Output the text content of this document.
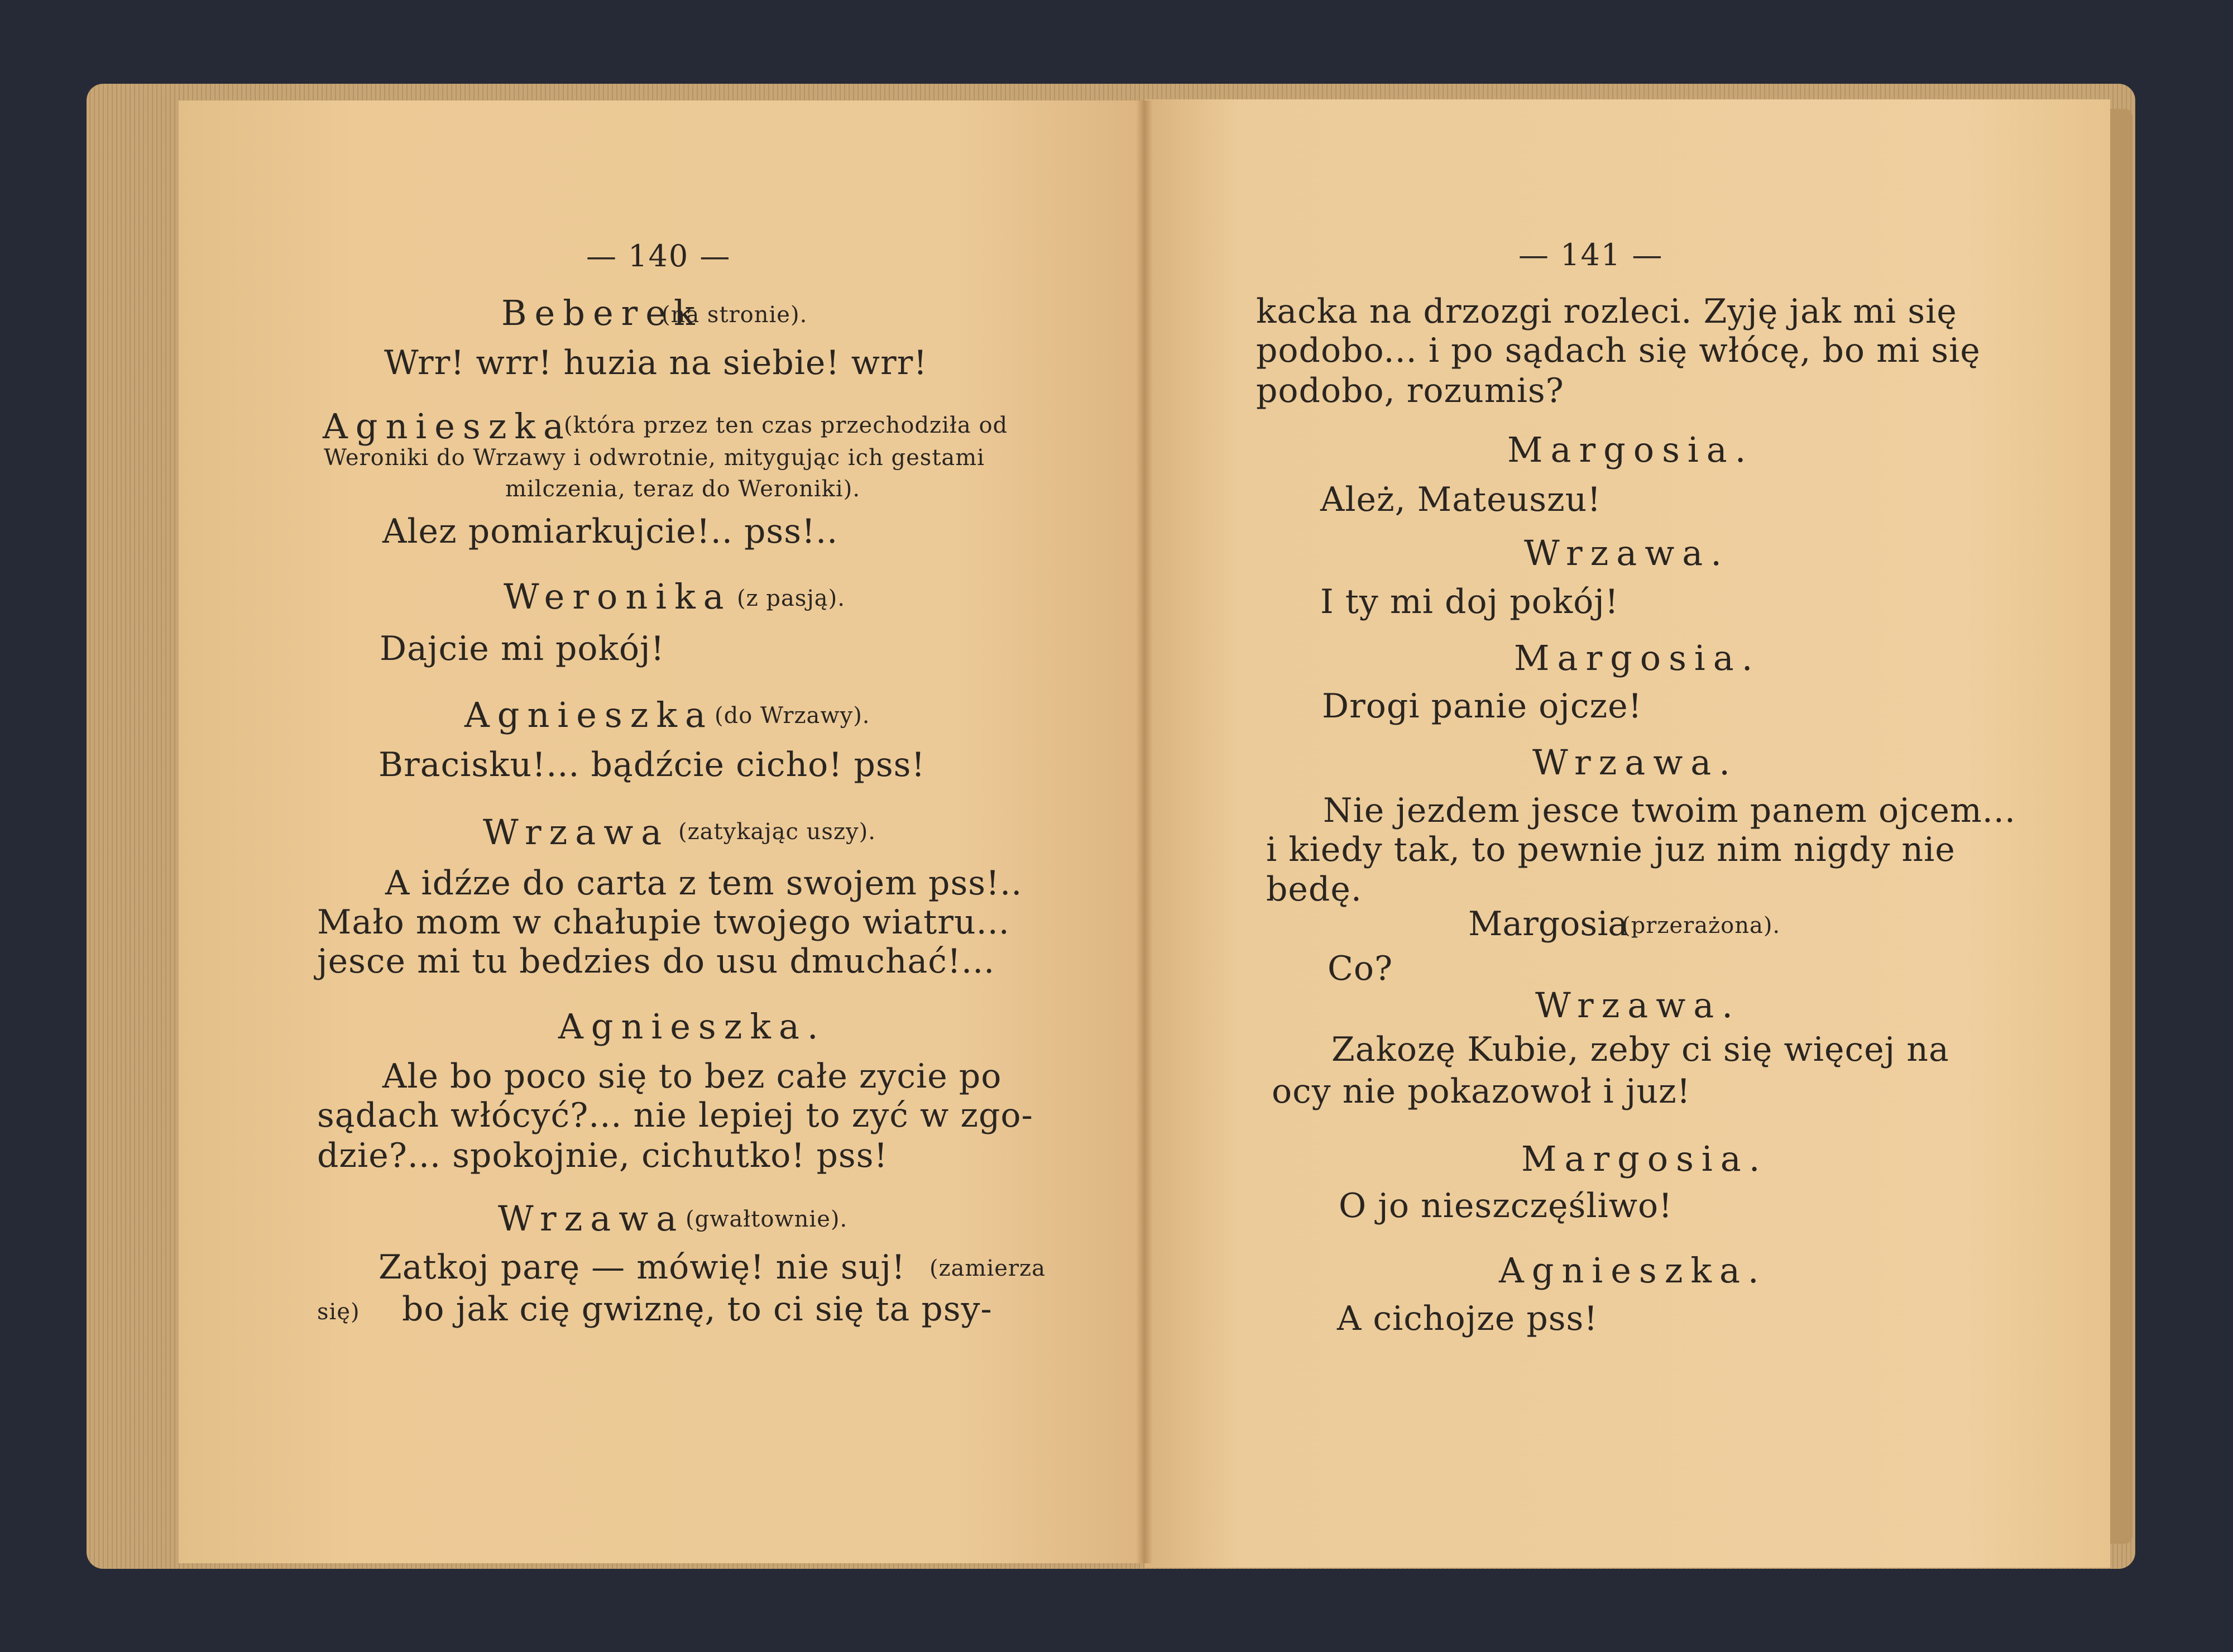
— 140 —
Beberek
(na stronie).
Wrr! wrr! huzia na siebie! wrr!
Agnieszka
(która przez ten czas przechodziła od
Weroniki do Wrzawy i odwrotnie, mitygując ich gestami
milczenia, teraz do Weroniki).
Alez pomiarkujcie!.. pss!..
Weronika (z pasją).
Dajcie mi pokój!
Agnieszka (do Wrzawy).
Bracisku!... bądźcie cicho! pss!
Wrzawa (zatykając uszy).
A idźze do carta z tem swojem pss!..
Mało mom w chałupie twojego wiatru...
jesce mi tu bedzies do usu dmuchać!...
Agnieszka.
Ale bo poco się to bez całe zycie po
sądach włócyć?... nie lepiej to zyć w zgo-
dzie?... spokojnie, cichutko! pss!
Wrzawa (gwałtownie).
Zatkoj parę — mówię! nie suj! (zamierza
się) bo jak cię gwiznę, to ci się ta psy-
— 141 —
kacka na drzozgi rozleci. Zyję jak mi się
podobo... i po sądach się włócę, bo mi się
podobo, rozumis?
Margosia.
Ależ, Mateuszu!
Wrzawa.
I ty mi doj pokój!
Margosia.
Drogi panie ojcze!
Wrzawa.
Nie jezdem jesce twoim panem ojcem...
i kiedy tak, to pewnie juz nim nigdy nie
bedę.
Margosia
(przerażona).
Co?
Wrzawa.
Zakozę Kubie, zeby ci się więcej na
ocy nie pokazowoł i juz!
Margosia.
O jo nieszczęśliwo!
Agnieszka.
A cichojze pss!
